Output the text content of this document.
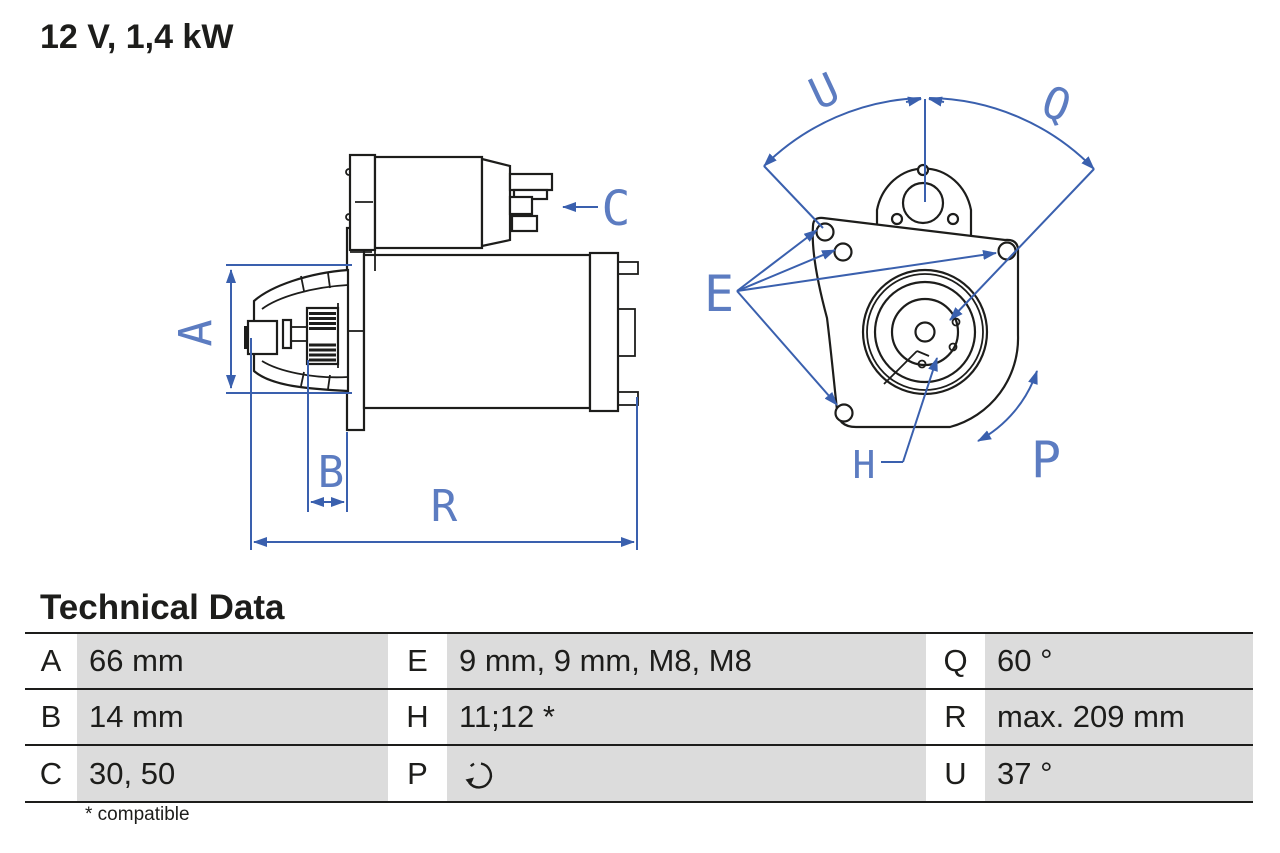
12 V, 1,4 kW
A
B
R
C
U	Q
E
H	P
Technical Data
A 66 mm	E	9 mm, 9 mm, M8, M8	Q 60 °
B 14 mm	H 11;12 *	R max. 209 mm
C 30, 50	P	U 37 °
* compatible
